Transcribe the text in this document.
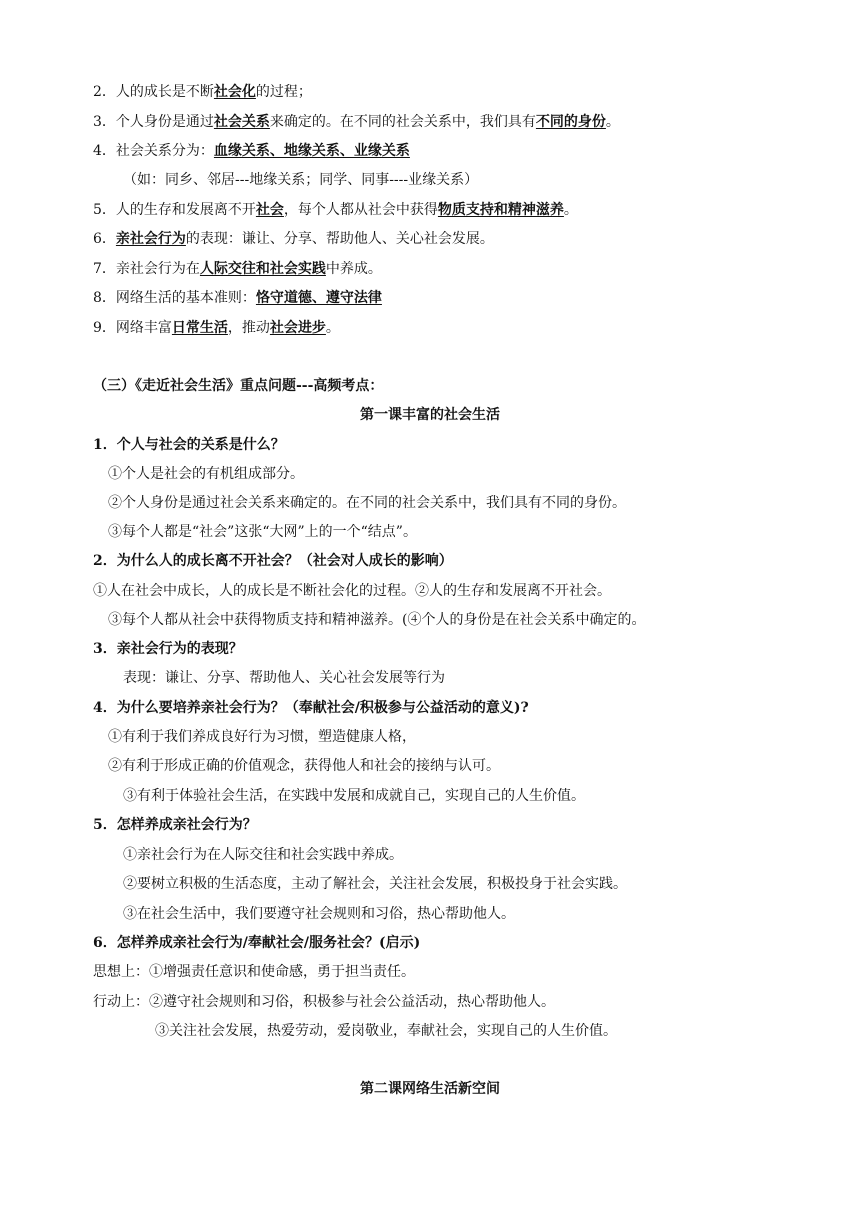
2．人的成长是不断社会化的过程；
3．个人身份是通过社会关系来确定的。在不同的社会关系中，我们具有不同的身份。
4．社会关系分为：血缘关系、地缘关系、业缘关系
（如：同乡、邻居---地缘关系；同学、同事----业缘关系）
5．人的生存和发展离不开社会，每个人都从社会中获得物质支持和精神滋养。
6．亲社会行为的表现：谦让、分享、帮助他人、关心社会发展。
7．亲社会行为在人际交往和社会实践中养成。
8．网络生活的基本准则：恪守道德、遵守法律
9．网络丰富日常生活，推动社会进步。
（三）《走近社会生活》重点问题---高频考点：
第一课丰富的社会生活
1．个人与社会的关系是什么？
①个人是社会的有机组成部分。
②个人身份是通过社会关系来确定的。在不同的社会关系中，我们具有不同的身份。
③每个人都是“社会”这张“大网”上的一个“结点”。
2．为什么人的成长离不开社会？（社会对人成长的影响）
①人在社会中成长，人的成长是不断社会化的过程。②人的生存和发展离不开社会。
③每个人都从社会中获得物质支持和精神滋养。(④个人的身份是在社会关系中确定的。
3．亲社会行为的表现？
表现：谦让、分享、帮助他人、关心社会发展等行为
4．为什么要培养亲社会行为？（奉献社会/积极参与公益活动的意义)?
①有利于我们养成良好行为习惯，塑造健康人格，
②有利于形成正确的价值观念，获得他人和社会的接纳与认可。
③有利于体验社会生活，在实践中发展和成就自己，实现自己的人生价值。
5．怎样养成亲社会行为？
①亲社会行为在人际交往和社会实践中养成。
②要树立积极的生活态度，主动了解社会，关注社会发展，积极投身于社会实践。
③在社会生活中，我们要遵守社会规则和习俗，热心帮助他人。
6．怎样养成亲社会行为/奉献社会/服务社会？(启示)
思想上：①增强责任意识和使命感，勇于担当责任。
行动上：②遵守社会规则和习俗，积极参与社会公益活动，热心帮助他人。
③关注社会发展，热爱劳动，爱岗敬业，奉献社会，实现自己的人生价值。
第二课网络生活新空间
